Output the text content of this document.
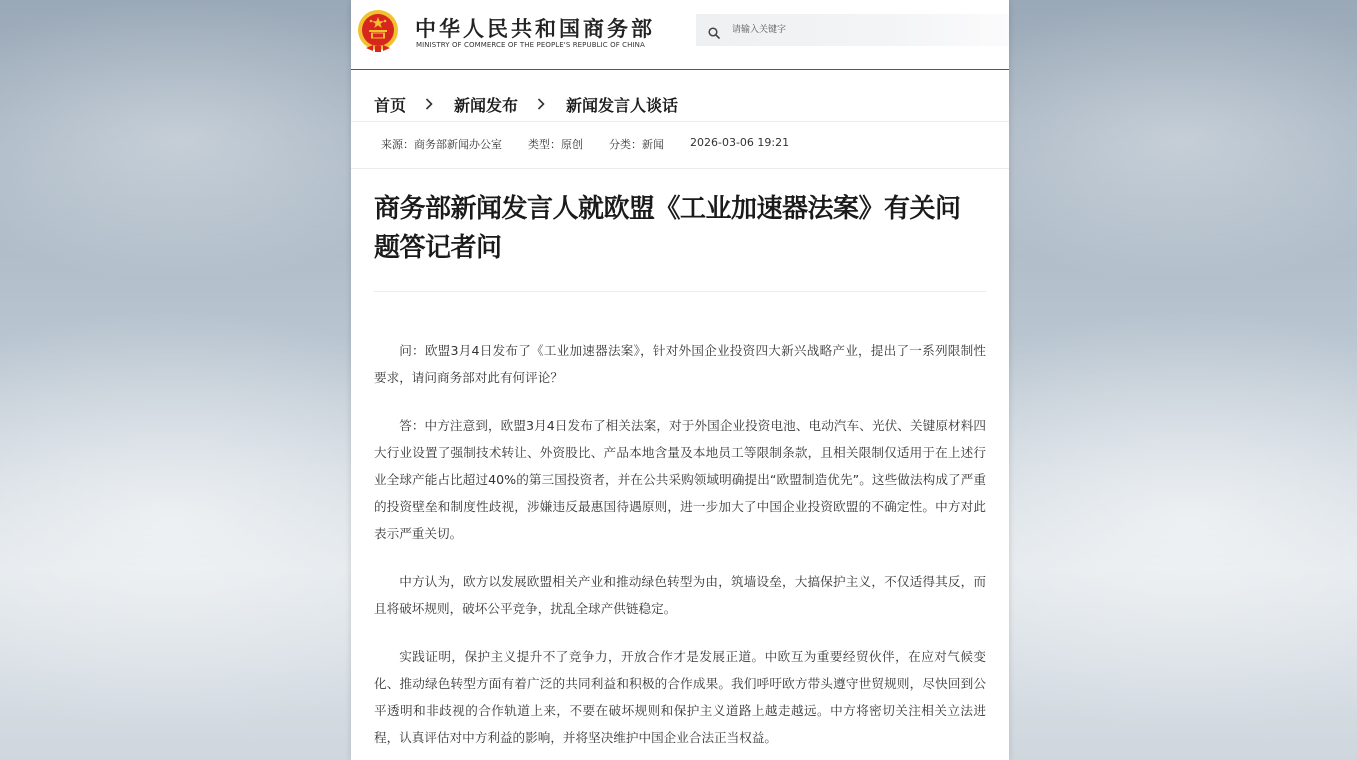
中华人民共和国商务部
MINISTRY OF COMMERCE OF THE PEOPLE'S REPUBLIC OF CHINA
请输入关键字
首页	新闻发布	新闻发言人谈话
来源：商务部新闻办公室 类型：原创 分类：新闻 2026-03-06 19:21
商务部新闻发言人就欧盟《工业加速器法案》有关问题答记者问

问：欧盟3月4日发布了《工业加速器法案》，针对外国企业投资四大新兴战略产业，提出了一系列限制性要求，请问商务部对此有何评论？

答：中方注意到，欧盟3月4日发布了相关法案，对于外国企业投资电池、电动汽车、光伏、关键原材料四大行业设置了强制技术转让、外资股比、产品本地含量及本地员工等限制条款，且相关限制仅适用于在上述行业全球产能占比超过40%的第三国投资者，并在公共采购领域明确提出“欧盟制造优先”。这些做法构成了严重的投资壁垒和制度性歧视，涉嫌违反最惠国待遇原则，进一步加大了中国企业投资欧盟的不确定性。中方对此表示严重关切。

中方认为，欧方以发展欧盟相关产业和推动绿色转型为由，筑墙设垒，大搞保护主义，不仅适得其反，而且将破坏规则，破坏公平竞争，扰乱全球产供链稳定。

实践证明，保护主义提升不了竞争力，开放合作才是发展正道。中欧互为重要经贸伙伴，在应对气候变化、推动绿色转型方面有着广泛的共同利益和积极的合作成果。我们呼吁欧方带头遵守世贸规则，尽快回到公平透明和非歧视的合作轨道上来，不要在破坏规则和保护主义道路上越走越远。中方将密切关注相关立法进程，认真评估对中方利益的影响，并将坚决维护中国企业合法正当权益。
